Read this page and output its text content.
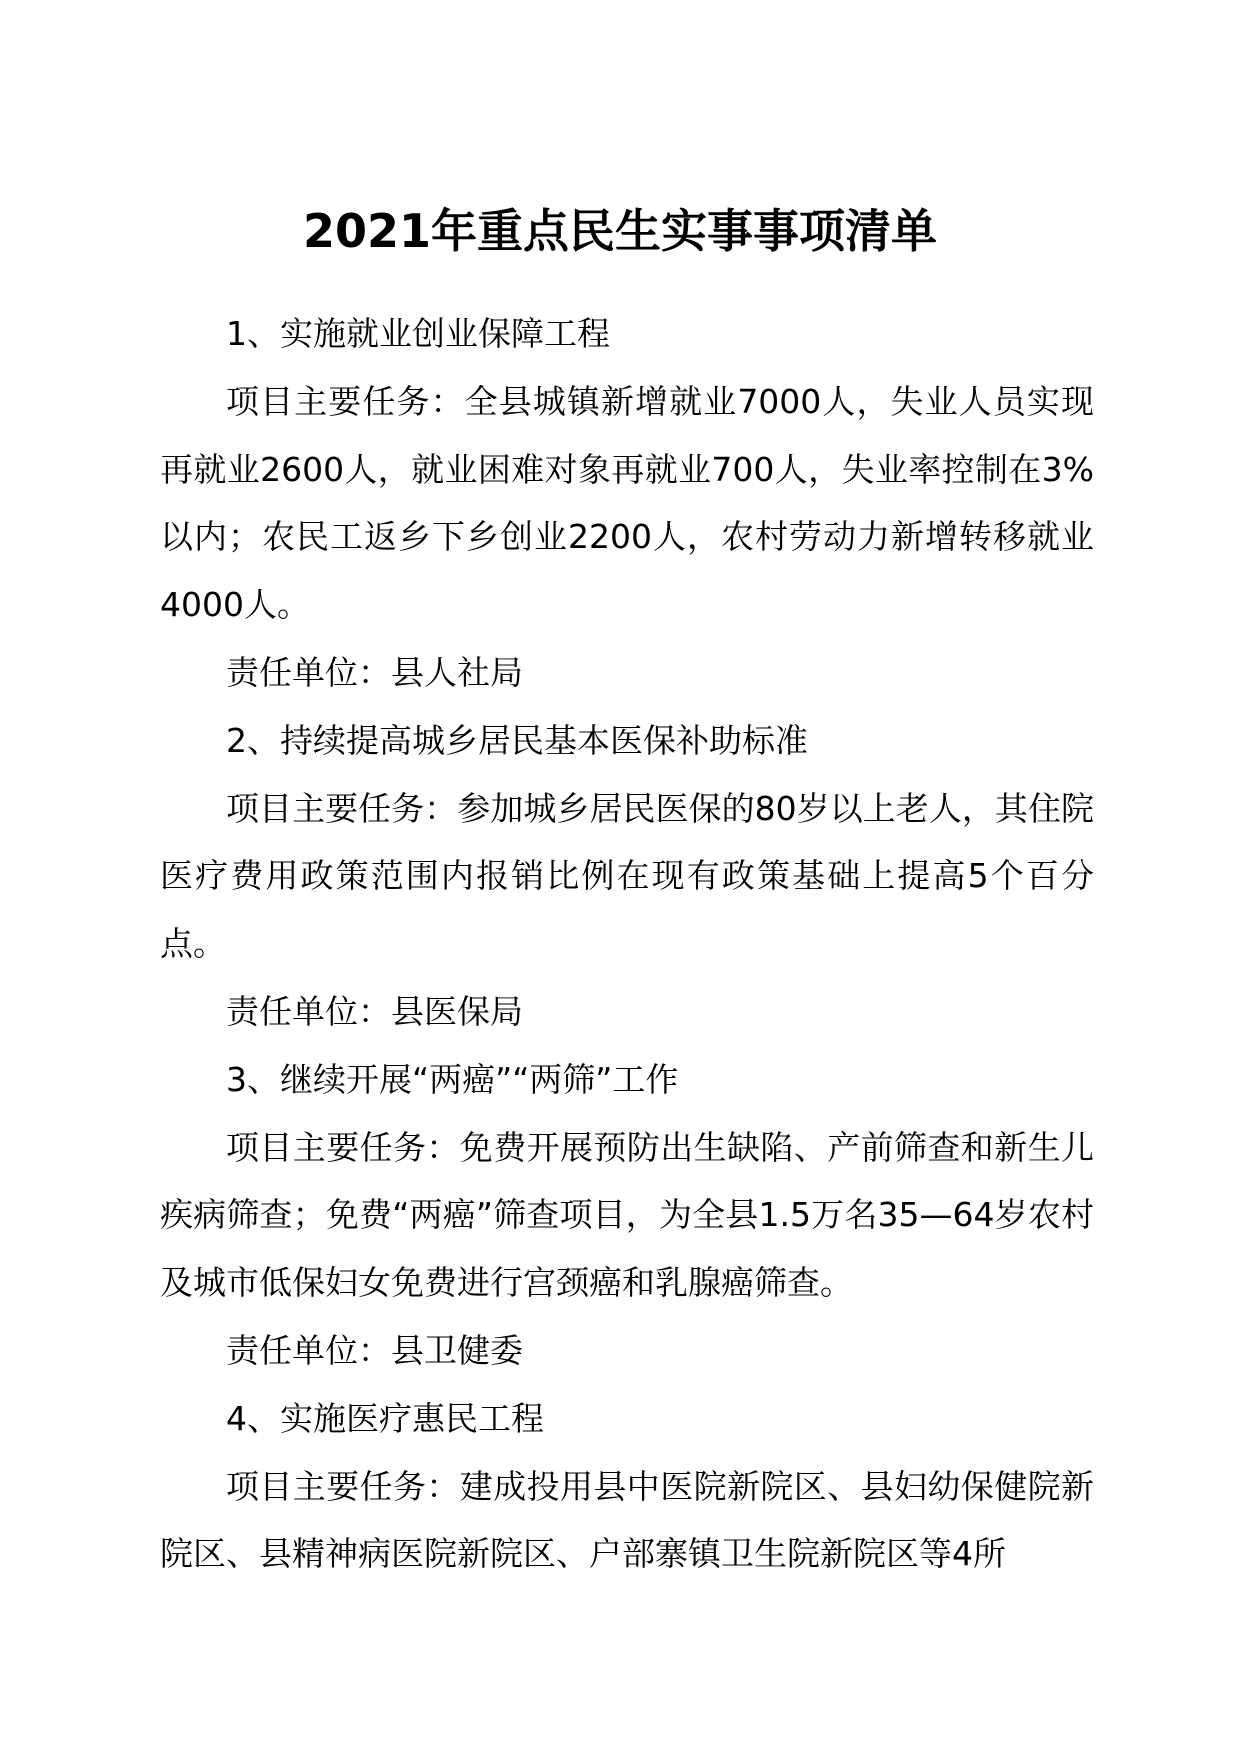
2021年重点民生实事事项清单

1、实施就业创业保障工程

项目主要任务：全县城镇新增就业7000人，失业人员实现再就业2600人，就业困难对象再就业700人，失业率控制在3%以内；农民工返乡下乡创业2200人，农村劳动力新增转移就业4000人。

责任单位：县人社局

2、持续提高城乡居民基本医保补助标准

项目主要任务：参加城乡居民医保的80岁以上老人，其住院医疗费用政策范围内报销比例在现有政策基础上提高5个百分点。

责任单位：县医保局

3、继续开展“两癌”“两筛”工作

项目主要任务：免费开展预防出生缺陷、产前筛查和新生儿疾病筛查；免费“两癌”筛查项目，为全县1.5万名35—64岁农村及城市低保妇女免费进行宫颈癌和乳腺癌筛查。

责任单位：县卫健委

4、实施医疗惠民工程

项目主要任务：建成投用县中医院新院区、县妇幼保健院新院区、县精神病医院新院区、户部寨镇卫生院新院区等4所
